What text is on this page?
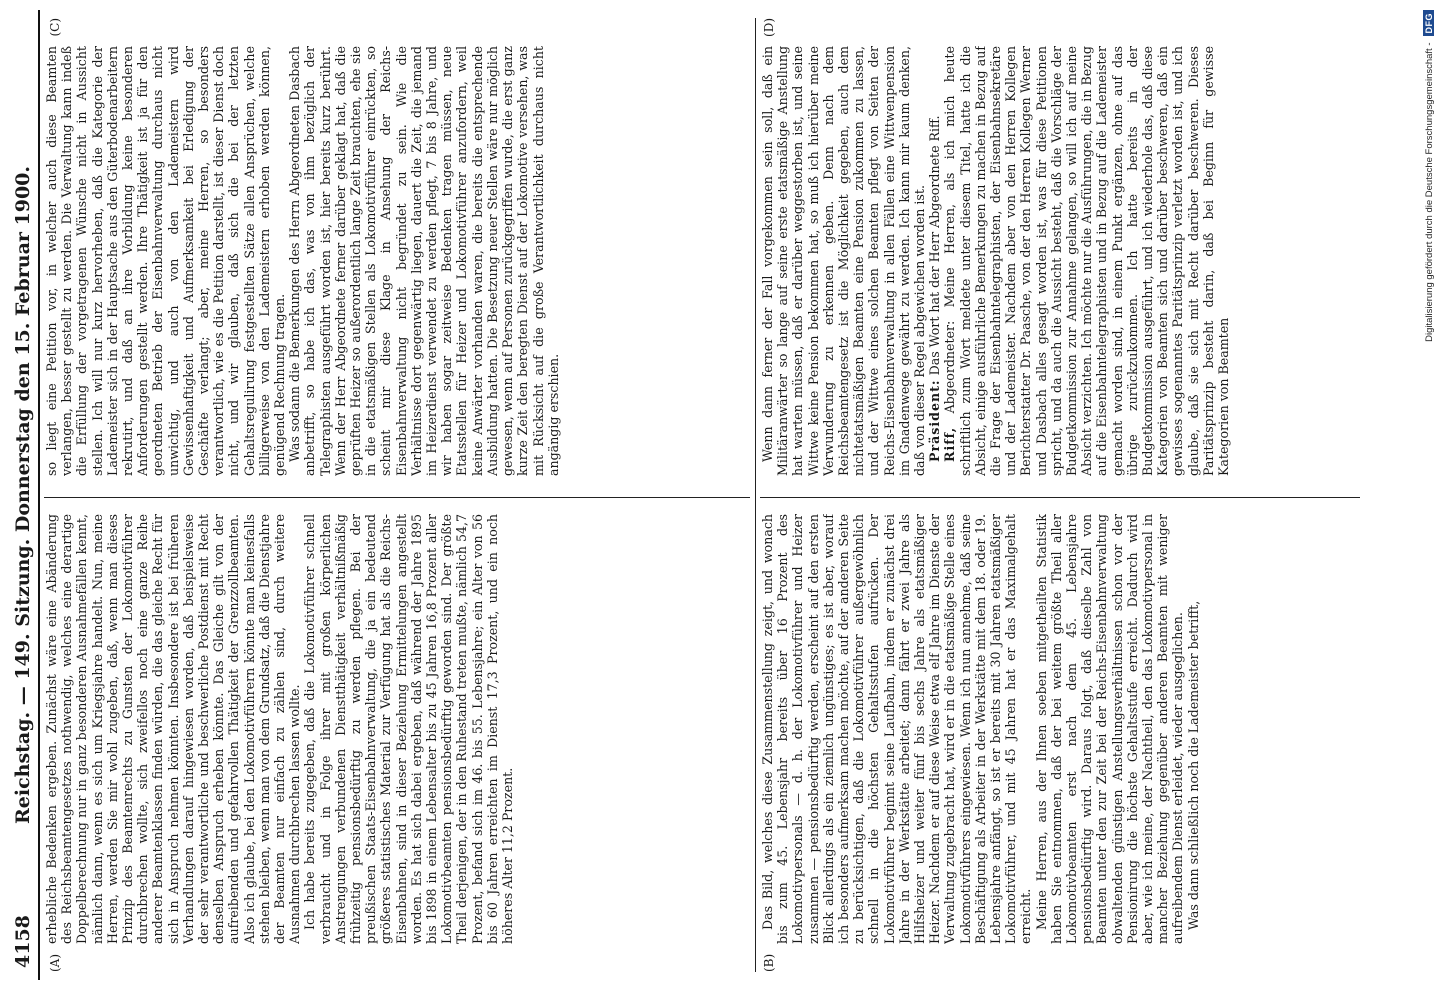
4158
Reichstag. — 149. Sitzung. Donnerstag den 15. Februar 1900.
(A)
(C)

erhebliche Bedenken ergeben. Zunächst wäre eine Abänderung des Reichsbeamtengesetzes nothwendig, welches eine derartige Doppelberechnung nur in ganz besonderen Ausnahmefällen kennt, nämlich dann, wenn es sich um Kriegsjahre handelt. Nun, meine Herren, werden Sie mir wohl zugeben, daß, wenn man dieses Prinzip des Beamtenrechts zu Gunsten der Lokomotivführer durchbrechen wollte, sich zweifellos noch eine ganze Reihe anderer Beamtenklassen finden würden, die das gleiche Recht für sich in Anspruch nehmen könnten. Insbesondere ist bei früheren Verhandlungen darauf hingewiesen worden, daß beispielsweise der sehr verantwortliche und beschwerliche Postdienst mit Recht denselben Anspruch erheben könnte. Das Gleiche gilt von der aufreibenden und gefahrvollen Thätigkeit der Grenzzollbeamten. Also ich glaube, bei den Lokomotivführern könnte man keinesfalls stehen bleiben, wenn man von dem Grundsatz, daß die Dienstjahre der Beamten nur einfach zu zählen sind, durch weitere Ausnahmen durchbrechen lassen wollte. Ich habe bereits zugegeben, daß die Lokomotivführer schnell verbraucht und in Folge ihrer mit großen körperlichen Anstrengungen verbundenen Dienstthätigkeit verhältnißmäßig frühzeitig pensionsbedürftig zu werden pflegen. Bei der preußischen Staats-Eisenbahnverwaltung, die ja ein bedeutend größeres statistisches Material zur Verfügung hat als die Reichs-Eisenbahnen, sind in dieser Beziehung Ermittelungen angestellt worden. Es hat sich dabei ergeben, daß während der Jahre 1895 bis 1898 in einem Lebensalter bis zu 45 Jahren 16,8 Prozent aller Lokomotivbeamten pensionsbedürftig geworden sind. Der größte Theil derjenigen, der in den Ruhestand treten mußte, nämlich 54,7 Prozent, befand sich im 46. bis 55. Lebensjahre; ein Alter von 56 bis 60 Jahren erreichten im Dienst 17,3 Prozent, und ein noch höheres Alter 11,2 Prozent.

so liegt eine Petition vor, in welcher auch diese Beamten verlangen, besser gestellt zu werden. Die Verwaltung kann indeß die Erfüllung der vorgetragenen Wünsche nicht in Aussicht stellen. Ich will nur kurz hervorheben, daß die Kategorie der Lademeister sich in der Hauptsache aus den Güterbodenarbeitern rekrutirt, und daß an ihre Vorbildung keine besonderen Anforderungen gestellt werden. Ihre Thätigkeit ist ja für den geordneten Betrieb der Eisenbahnverwaltung durchaus nicht unwichtig, und auch von den Lademeistern wird Gewissenhaftigkeit und Aufmerksamkeit bei Erledigung der Geschäfte verlangt; aber, meine Herren, so besonders verantwortlich, wie es die Petition darstellt, ist dieser Dienst doch nicht, und wir glauben, daß sich die bei der letzten Gehaltsregulirung festgestellten Sätze allen Ansprüchen, welche billigerweise von den Lademeistern erhoben werden können, genügend Rechnung tragen. Was sodann die Bemerkungen des Herrn Abgeordneten Dasbach anbetrifft, so habe ich das, was von ihm bezüglich der Telegraphisten ausgeführt worden ist, hier bereits kurz berührt. Wenn der Herr Abgeordnete ferner darüber geklagt hat, daß die geprüften Heizer so außerordentlich lange Zeit brauchten, ehe sie in die etatsmäßigen Stellen als Lokomotivführer einrückten, so scheint mir diese Klage in Ansehung der Reichs-Eisenbahnverwaltung nicht begründet zu sein. Wie die Verhältnisse dort gegenwärtig liegen, dauert die Zeit, die jemand im Heizerdienst verwendet zu werden pflegt, 7 bis 8 Jahre, und wir haben sogar zeitweise Bedenken tragen müssen, neue Etatsstellen für Heizer und Lokomotivführer anzufordern, weil keine Anwärter vorhanden waren, die bereits die entsprechende Ausbildung hatten. Die Besetzung neuer Stellen wäre nur möglich gewesen, wenn auf Personen zurückgegriffen wurde, die erst ganz kurze Zeit den beregten Dienst auf der Lokomotive versehen, was mit Rücksicht auf die große Verantwortlichkeit durchaus nicht angängig erschien.

(B)
(D)

Das Bild, welches diese Zusammenstellung zeigt, und wonach bis zum 45. Lebensjahr bereits über 16 Prozent des Lokomotivpersonals — d. h. der Lokomotivführer und Heizer zusammen — pensionsbedürftig werden, erscheint auf den ersten Blick allerdings als ein ziemlich ungünstiges; es ist aber, worauf ich besonders aufmerksam machen möchte, auf der anderen Seite zu berücksichtigen, daß die Lokomotivführer außergewöhnlich schnell in die höchsten Gehaltsstufen aufrücken. Der Lokomotivführer beginnt seine Laufbahn, indem er zunächst drei Jahre in der Werkstätte arbeitet; dann fährt er zwei Jahre als Hilfsheizer und weiter fünf bis sechs Jahre als etatsmäßiger Heizer. Nachdem er auf diese Weise etwa elf Jahre im Dienste der Verwaltung zugebracht hat, wird er in die etatsmäßige Stelle eines Lokomotivführers eingewiesen. Wenn ich nun annehme, daß seine Beschäftigung als Arbeiter in der Werkstätte mit dem 18. oder 19. Lebensjahre anfängt, so ist er bereits mit 30 Jahren etatsmäßiger Lokomotivführer, und mit 45 Jahren hat er das Maximalgehalt erreicht. Meine Herren, aus der Ihnen soeben mitgetheilten Statistik haben Sie entnommen, daß der bei weitem größte Theil aller Lokomotivbeamten erst nach dem 45. Lebensjahre pensionsbedürftig wird. Daraus folgt, daß dieselbe Zahl von Beamten unter den zur Zeit bei der Reichs-Eisenbahnverwaltung obwaltenden günstigen Anstellungsverhältnissen schon vor der Pensionirung die höchste Gehaltsstufe erreicht. Dadurch wird aber, wie ich meine, der Nachtheil, den das Lokomotivpersonal in mancher Beziehung gegenüber anderen Beamten mit weniger aufreibendem Dienst erleidet, wieder ausgeglichen. Was dann schließlich noch die Lademeister betrifft,

Wenn dann ferner der Fall vorgekommen sein soll, daß ein Militäranwärter so lange auf seine erste etatsmäßige Anstellung hat warten müssen, daß er darüber weggestorben ist, und seine Wittwe keine Pension bekommen hat, so muß ich hierüber meine Verwunderung zu erkennen geben. Denn nach dem Reichsbeamtengesetz ist die Möglichkeit gegeben, auch dem nichtetatsmäßigen Beamten eine Pension zukommen zu lassen, und der Wittwe eines solchen Beamten pflegt von Seiten der Reichs-Eisenbahnverwaltung in allen Fällen eine Wittwenpension im Gnadenwege gewährt zu werden. Ich kann mir kaum denken, daß von dieser Regel abgewichen worden ist. Präsident: Das Wort hat der Herr Abgeordnete Riff.

Riff, Abgeordneter: Meine Herren, als ich mich heute schriftlich zum Wort meldete unter diesem Titel, hatte ich die Absicht, einige ausführliche Bemerkungen zu machen in Bezug auf die Frage der Eisenbahntelegraphisten, der Eisenbahnsekretäre und der Lademeister. Nachdem aber von den Herren Kollegen Berichterstatter Dr. Paasche, von der den Herren Kollegen Werner und Dasbach alles gesagt worden ist, was für diese Petitionen spricht, und da auch die Aussicht besteht, daß die Vorschläge der Budgetkommission zur Annahme gelangen, so will ich auf meine Absicht verzichten. Ich möchte nur die Ausführungen, die in Bezug auf die Eisenbahntelegraphisten und in Bezug auf die Lademeister gemacht worden sind, in einem Punkt ergänzen, ohne auf das übrige zurückzukommen. Ich hatte bereits in der Budgetkommission ausgeführt, und ich wiederhole das, daß diese Kategorien von Beamten sich und darüber beschweren, daß ein gewisses sogenanntes Paritätsprinzip verletzt worden ist, und ich glaube, daß sie sich mit Recht darüber beschweren. Dieses Paritätsprinzip besteht darin, daß bei Beginn für gewisse Kategorien von Beamten

Digitalisierung gefördert durch die Deutsche Forschungsgemeinschaft -
DFG
